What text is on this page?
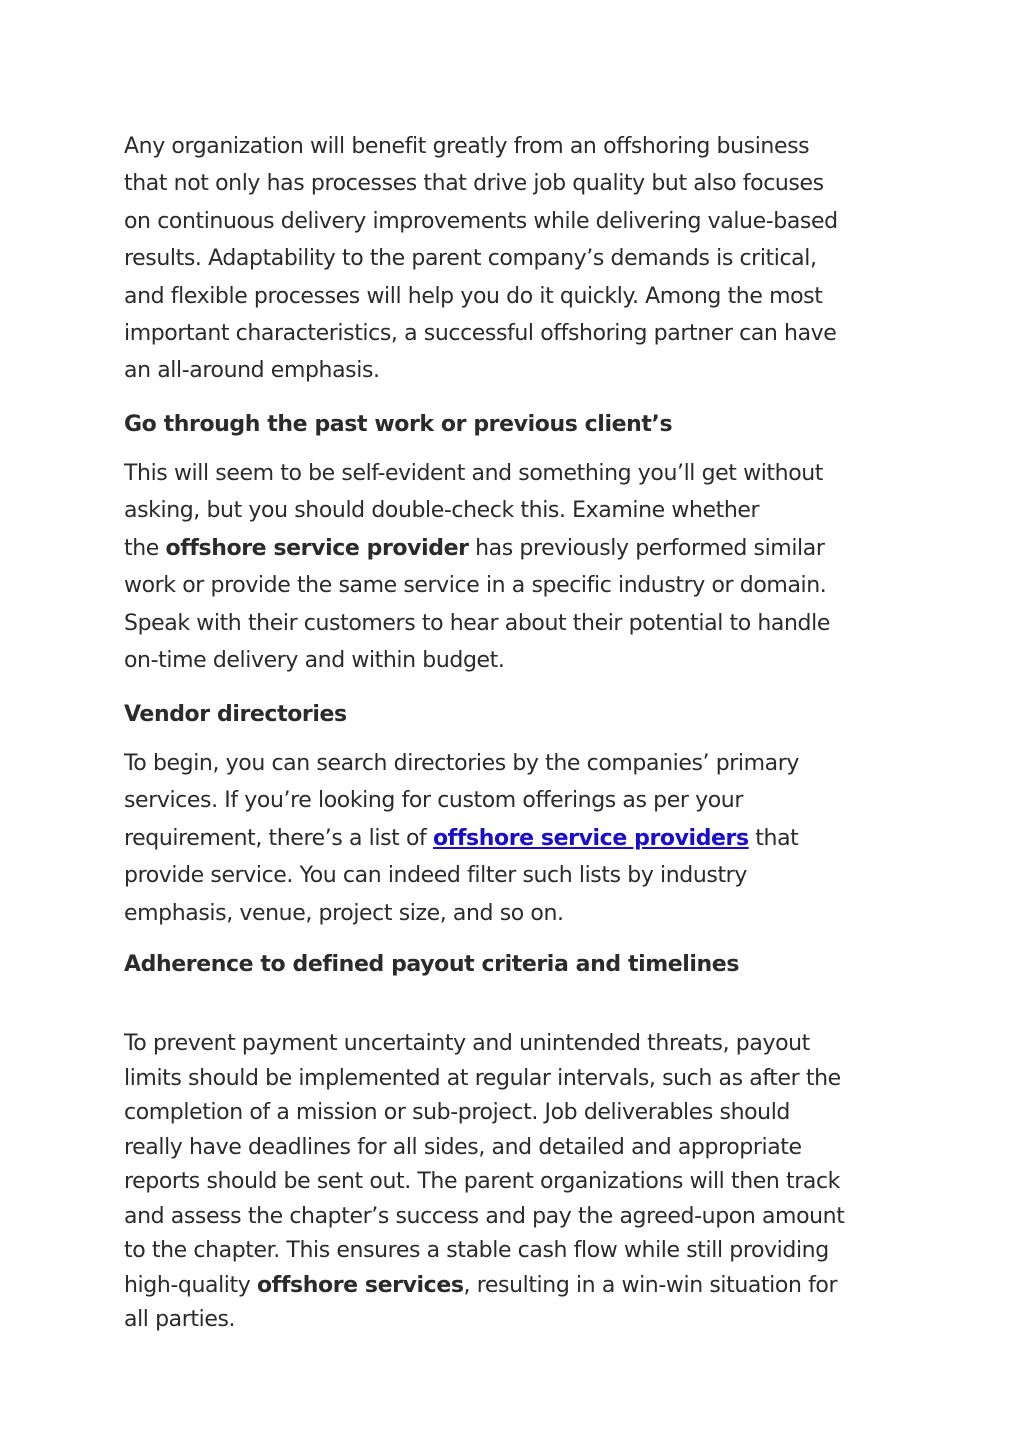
Any organization will benefit greatly from an offshoring business
that not only has processes that drive job quality but also focuses
on continuous delivery improvements while delivering value-based
results. Adaptability to the parent company’s demands is critical,
and flexible processes will help you do it quickly. Among the most
important characteristics, a successful offshoring partner can have
an all-around emphasis.
Go through the past work or previous client’s
This will seem to be self-evident and something you’ll get without
asking, but you should double-check this. Examine whether
the offshore service provider has previously performed similar
work or provide the same service in a specific industry or domain.
Speak with their customers to hear about their potential to handle
on-time delivery and within budget.
Vendor directories
To begin, you can search directories by the companies’ primary
services. If you’re looking for custom offerings as per your
requirement, there’s a list of offshore service providers that
provide service. You can indeed filter such lists by industry
emphasis, venue, project size, and so on.
Adherence to defined payout criteria and timelines
To prevent payment uncertainty and unintended threats, payout
limits should be implemented at regular intervals, such as after the
completion of a mission or sub-project. Job deliverables should
really have deadlines for all sides, and detailed and appropriate
reports should be sent out. The parent organizations will then track
and assess the chapter’s success and pay the agreed-upon amount
to the chapter. This ensures a stable cash flow while still providing
high-quality offshore services, resulting in a win-win situation for
all parties.
